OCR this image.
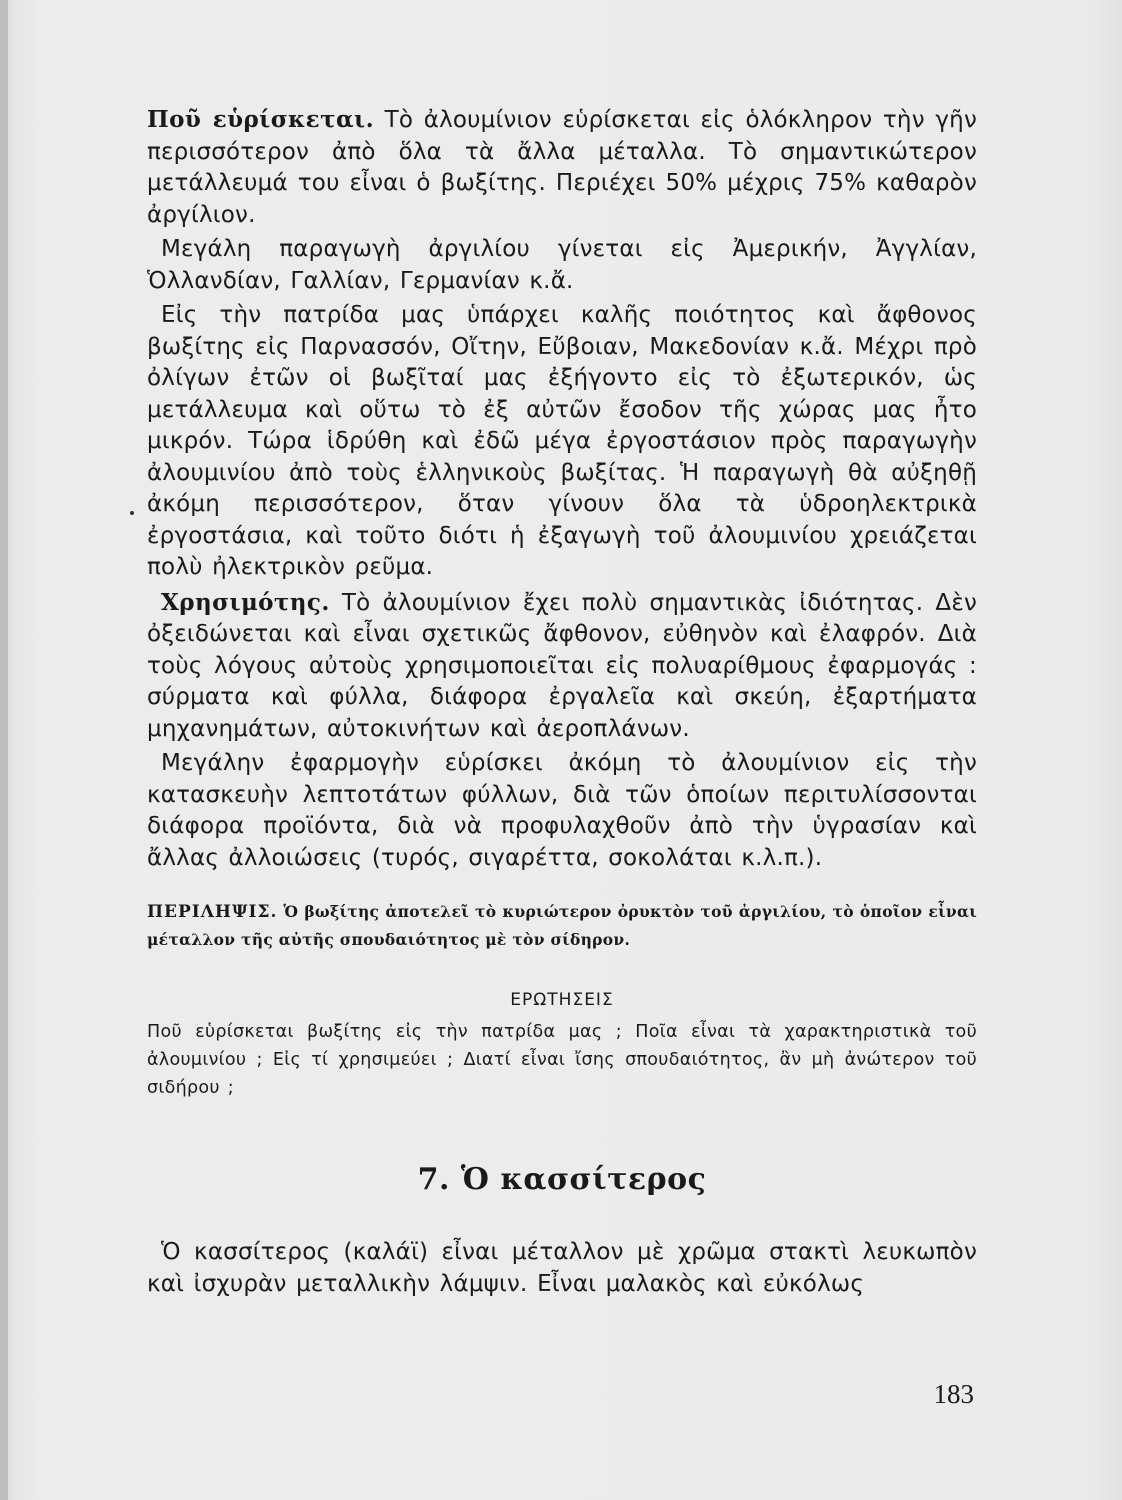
Ποῦ εὑρίσκεται. Τὸ ἀλουμίνιον εὑρίσκεται εἰς ὁλόκληρον τὴν γῆν περισσότερον ἀπὸ ὅλα τὰ ἄλλα μέταλλα. Τὸ σημαντικώτερον μετάλλευμά του εἶναι ὁ βωξίτης. Περιέχει 50% μέχρις 75% καθαρὸν ἀργίλιον.

Μεγάλη παραγωγὴ ἀργιλίου γίνεται εἰς Ἀμερικήν, Ἀγγλίαν, Ὁλλανδίαν, Γαλλίαν, Γερμανίαν κ.ἄ.

Εἰς τὴν πατρίδα μας ὑπάρχει καλῆς ποιότητος καὶ ἄφθονος βωξίτης εἰς Παρνασσόν, Οἴτην, Εὔβοιαν, Μακεδονίαν κ.ἄ. Μέχρι πρὸ ὀλίγων ἐτῶν οἱ βωξῖταί μας ἐξήγοντο εἰς τὸ ἐξωτερικόν, ὡς μετάλλευμα καὶ οὕτω τὸ ἐξ αὐτῶν ἔσοδον τῆς χώρας μας ἦτο μικρόν. Τώρα ἱδρύθη καὶ ἐδῶ μέγα ἐργοστάσιον πρὸς παραγωγὴν ἀλουμινίου ἀπὸ τοὺς ἑλληνικοὺς βωξίτας. Ἡ παραγωγὴ θὰ αὐξηθῇ ἀκόμη περισσότερον, ὅταν γίνουν ὅλα τὰ ὑδροηλεκτρικὰ ἐργοστάσια, καὶ τοῦτο διότι ἡ ἐξαγωγὴ τοῦ ἀλουμινίου χρειάζεται πολὺ ἠλεκτρικὸν ρεῦμα.

Χρησιμότης. Τὸ ἀλουμίνιον ἔχει πολὺ σημαντικὰς ἰδιότητας. Δὲν ὀξειδώνεται καὶ εἶναι σχετικῶς ἄφθονον, εὐθηνὸν καὶ ἐλαφρόν. Διὰ τοὺς λόγους αὐτοὺς χρησιμοποιεῖται εἰς πολυαρίθμους ἐφαρμογάς : σύρματα καὶ φύλλα, διάφορα ἐργαλεῖα καὶ σκεύη, ἐξαρτήματα μηχανημάτων, αὐτοκινήτων καὶ ἀεροπλάνων.

Μεγάλην ἐφαρμογὴν εὑρίσκει ἀκόμη τὸ ἀλουμίνιον εἰς τὴν κατασκευὴν λεπτοτάτων φύλλων, διὰ τῶν ὁποίων περιτυλίσσονται διάφορα προϊόντα, διὰ νὰ προφυλαχθοῦν ἀπὸ τὴν ὑγρασίαν καὶ ἄλλας ἀλλοιώσεις (τυρός, σιγαρέττα, σοκολάται κ.λ.π.).

ΠΕΡΙΛΗΨΙΣ. Ὁ βωξίτης ἀποτελεῖ τὸ κυριώτερον ὀρυκτὸν τοῦ ἀργιλίου, τὸ ὁποῖον εἶναι μέταλλον τῆς αὐτῆς σπουδαιότητος μὲ τὸν σίδηρον.
ΕΡΩΤΗΣΕΙΣ
Ποῦ εὑρίσκεται βωξίτης εἰς τὴν πατρίδα μας ; Ποῖα εἶναι τὰ χαρακτηριστικὰ τοῦ ἀλουμινίου ; Εἰς τί χρησιμεύει ; Διατί εἶναι ἴσης σπουδαιότητος, ἂν μὴ ἀνώτερον τοῦ σιδήρου ;
7. Ὁ κασσίτερος

Ὁ κασσίτερος (καλάϊ) εἶναι μέταλλον μὲ χρῶμα στακτὶ λευκωπὸν καὶ ἰσχυρὰν μεταλλικὴν λάμψιν. Εἶναι μαλακὸς καὶ εὐκόλως

183
